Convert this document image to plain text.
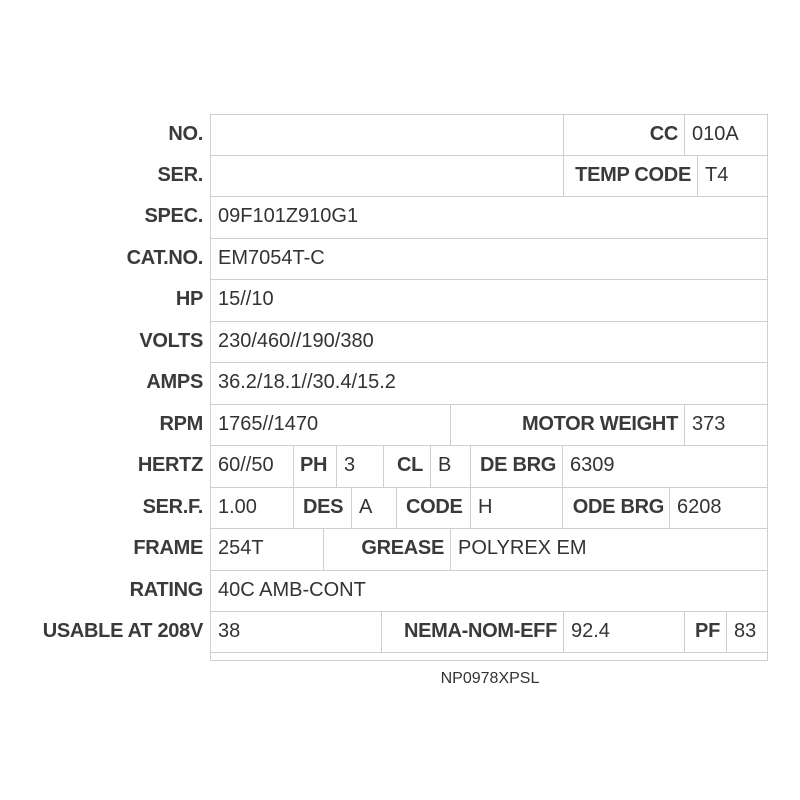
NO.	CC 010A
SER.	TEMP CODE T4
SPEC. 09F101Z910G1
CAT.NO. EM7054T-C
HP 15//10
VOLTS 230/460//190/380
AMPS 36.2/18.1//30.4/15.2
RPM 1765//1470	MOTOR WEIGHT 373
HERTZ 60//50 PH 3 CL B DE BRG 6309
SER.F. 1.00 DES A CODE H	ODE BRG 6208
FRAME 254T	GREASE POLYREX EM
RATING 40C AMB-CONT
USABLE AT 208V 38	NEMA-NOM-EFF 92.4	PF 83
NP0978XPSL
